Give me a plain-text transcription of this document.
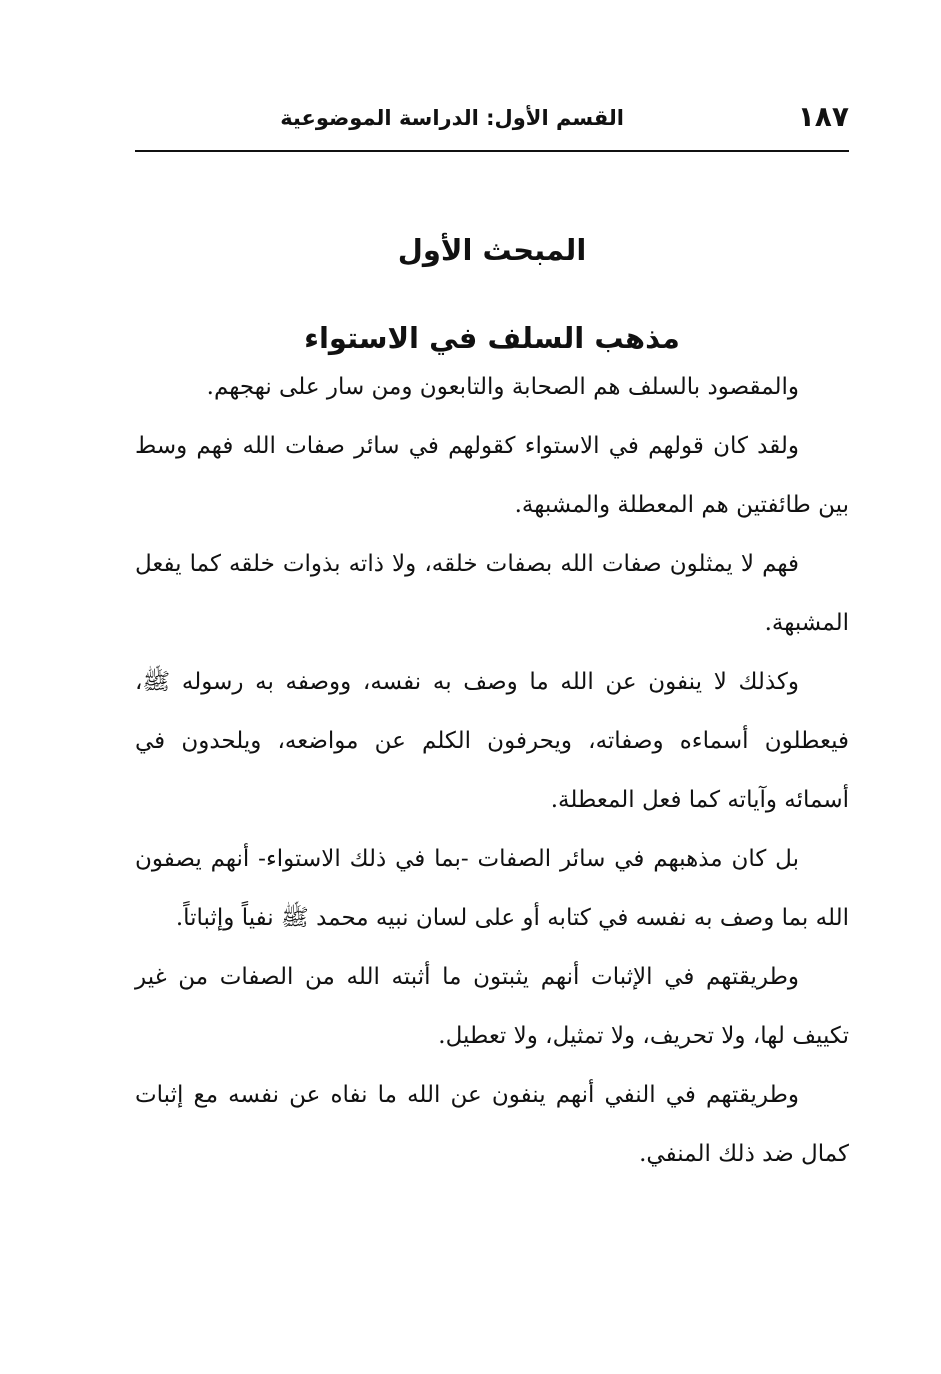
١٨٧
القسم الأول: الدراسة الموضوعية
المبحث الأول
مذهب السلف في الاستواء

والمقصود بالسلف هم الصحابة والتابعون ومن سار على نهجهم.

ولقد كان قولهم في الاستواء كقولهم في سائر صفات الله فهم وسط بين طائفتين هم المعطلة والمشبهة.

فهم لا يمثلون صفات الله بصفات خلقه، ولا ذاته بذوات خلقه كما يفعل المشبهة.

وكذلك لا ينفون عن الله ما وصف به نفسه، ووصفه به رسوله ﷺ، فيعطلون أسماءه وصفاته، ويحرفون الكلم عن مواضعه، ويلحدون في أسمائه وآياته كما فعل المعطلة.

بل كان مذهبهم في سائر الصفات -بما في ذلك الاستواء- أنهم يصفون الله بما وصف به نفسه في كتابه أو على لسان نبيه محمد ﷺ نفياً وإثباتاً.

وطريقتهم في الإثبات أنهم يثبتون ما أثبته الله من الصفات من غير تكييف لها، ولا تحريف، ولا تمثيل، ولا تعطيل.

وطريقتهم في النفي أنهم ينفون عن الله ما نفاه عن نفسه مع إثبات كمال ضد ذلك المنفي.
